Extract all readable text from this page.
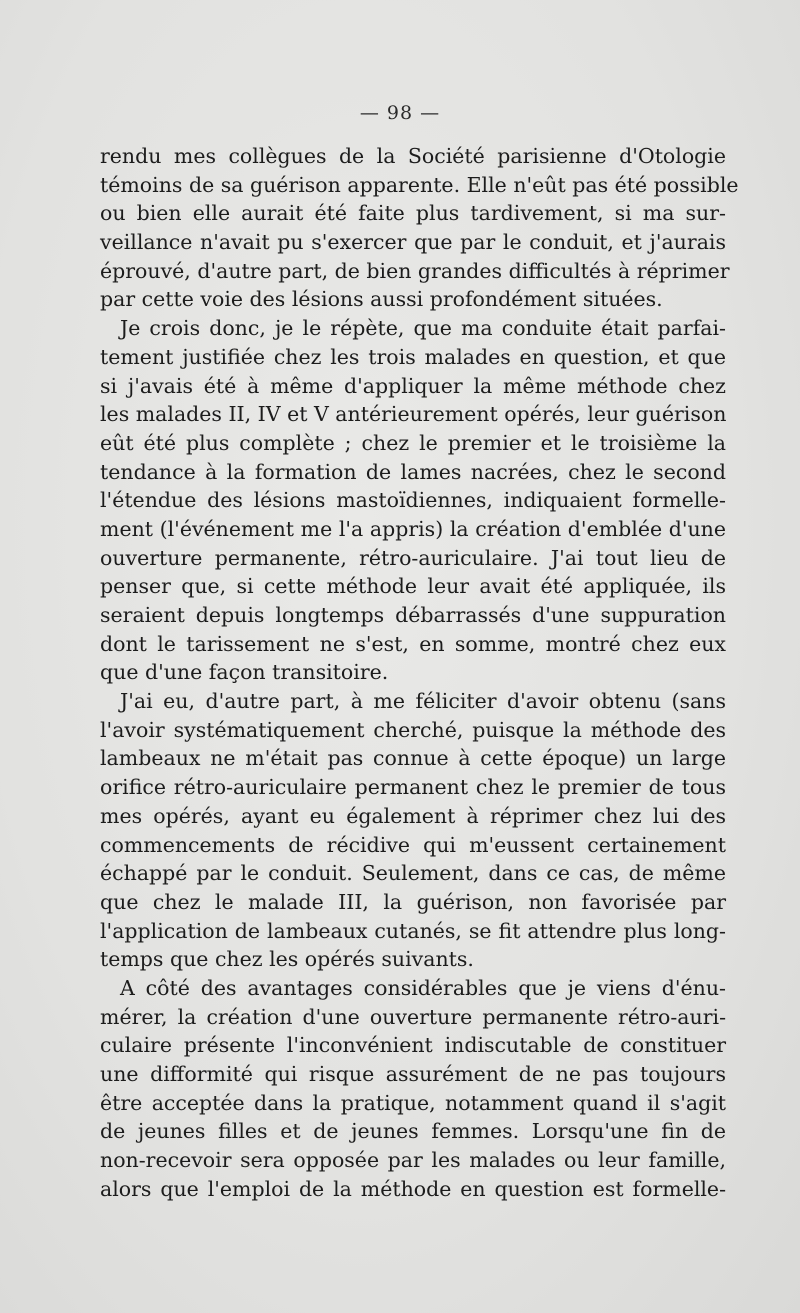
— 98 —
rendu mes collègues de la Société parisienne d'Otologie
témoins de sa guérison apparente. Elle n'eût pas été possible
ou bien elle aurait été faite plus tardivement, si ma sur-
veillance n'avait pu s'exercer que par le conduit, et j'aurais
éprouvé, d'autre part, de bien grandes difficultés à réprimer
par cette voie des lésions aussi profondément situées.
Je crois donc, je le répète, que ma conduite était parfai-
tement justifiée chez les trois malades en question, et que
si j'avais été à même d'appliquer la même méthode chez
les malades II, IV et V antérieurement opérés, leur guérison
eût été plus complète ; chez le premier et le troisième la
tendance à la formation de lames nacrées, chez le second
l'étendue des lésions mastoïdiennes, indiquaient formelle-
ment (l'événement me l'a appris) la création d'emblée d'une
ouverture permanente, rétro-auriculaire. J'ai tout lieu de
penser que, si cette méthode leur avait été appliquée, ils
seraient depuis longtemps débarrassés d'une suppuration
dont le tarissement ne s'est, en somme, montré chez eux
que d'une façon transitoire.
J'ai eu, d'autre part, à me féliciter d'avoir obtenu (sans
l'avoir systématiquement cherché, puisque la méthode des
lambeaux ne m'était pas connue à cette époque) un large
orifice rétro-auriculaire permanent chez le premier de tous
mes opérés, ayant eu également à réprimer chez lui des
commencements de récidive qui m'eussent certainement
échappé par le conduit. Seulement, dans ce cas, de même
que chez le malade III, la guérison, non favorisée par
l'application de lambeaux cutanés, se fit attendre plus long-
temps que chez les opérés suivants.
A côté des avantages considérables que je viens d'énu-
mérer, la création d'une ouverture permanente rétro-auri-
culaire présente l'inconvénient indiscutable de constituer
une difformité qui risque assurément de ne pas toujours
être acceptée dans la pratique, notamment quand il s'agit
de jeunes filles et de jeunes femmes. Lorsqu'une fin de
non-recevoir sera opposée par les malades ou leur famille,
alors que l'emploi de la méthode en question est formelle-
